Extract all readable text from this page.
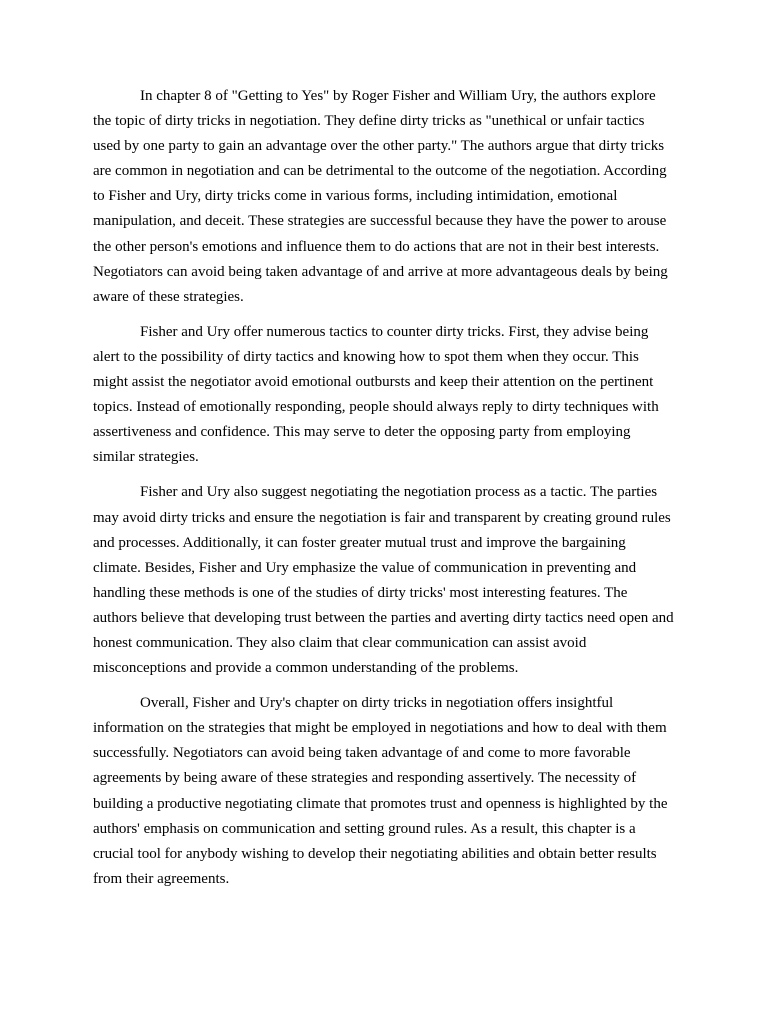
In chapter 8 of "Getting to Yes" by Roger Fisher and William Ury, the authors explore the topic of dirty tricks in negotiation. They define dirty tricks as "unethical or unfair tactics used by one party to gain an advantage over the other party." The authors argue that dirty tricks are common in negotiation and can be detrimental to the outcome of the negotiation. According to Fisher and Ury, dirty tricks come in various forms, including intimidation, emotional manipulation, and deceit. These strategies are successful because they have the power to arouse the other person's emotions and influence them to do actions that are not in their best interests. Negotiators can avoid being taken advantage of and arrive at more advantageous deals by being aware of these strategies.

Fisher and Ury offer numerous tactics to counter dirty tricks. First, they advise being alert to the possibility of dirty tactics and knowing how to spot them when they occur. This might assist the negotiator avoid emotional outbursts and keep their attention on the pertinent topics. Instead of emotionally responding, people should always reply to dirty techniques with assertiveness and confidence. This may serve to deter the opposing party from employing similar strategies.

Fisher and Ury also suggest negotiating the negotiation process as a tactic. The parties may avoid dirty tricks and ensure the negotiation is fair and transparent by creating ground rules and processes. Additionally, it can foster greater mutual trust and improve the bargaining climate. Besides, Fisher and Ury emphasize the value of communication in preventing and handling these methods is one of the studies of dirty tricks' most interesting features. The authors believe that developing trust between the parties and averting dirty tactics need open and honest communication. They also claim that clear communication can assist avoid misconceptions and provide a common understanding of the problems.

Overall, Fisher and Ury's chapter on dirty tricks in negotiation offers insightful information on the strategies that might be employed in negotiations and how to deal with them successfully. Negotiators can avoid being taken advantage of and come to more favorable agreements by being aware of these strategies and responding assertively. The necessity of building a productive negotiating climate that promotes trust and openness is highlighted by the authors' emphasis on communication and setting ground rules. As a result, this chapter is a crucial tool for anybody wishing to develop their negotiating abilities and obtain better results from their agreements.
